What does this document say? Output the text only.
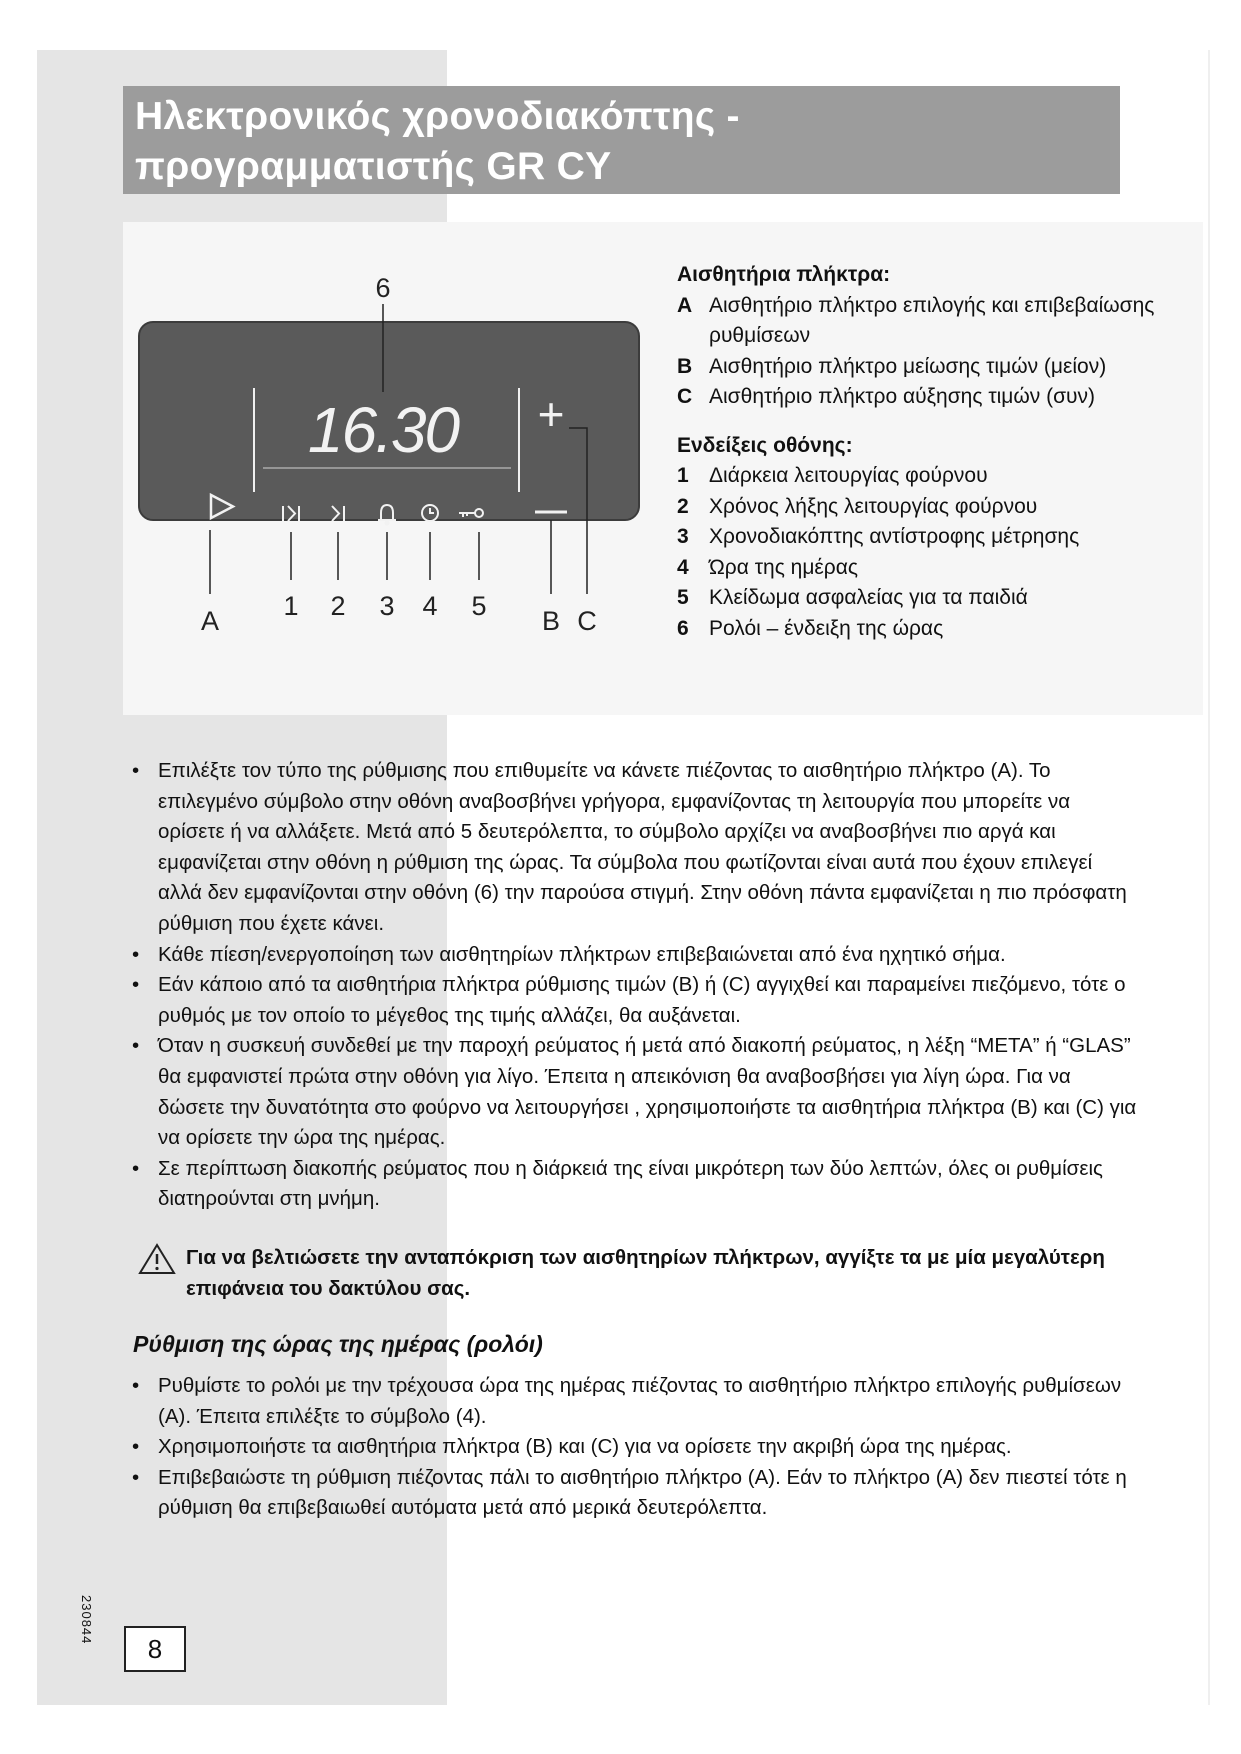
Ηλεκτρονικός χρονοδιακόπτης -
προγραμματιστής GR CY
16.30 +
6
A 1 2 3 4 5 B C
Αισθητήρια πλήκτρα:
A Αισθητήριο πλήκτρο επιλογής και επιβεβαίωσης ρυθμίσεων
B Αισθητήριο πλήκτρο μείωσης τιμών (μείον)
C Αισθητήριο πλήκτρο αύξησης τιμών (συν)
Ενδείξεις οθόνης:
1 Διάρκεια λειτουργίας φούρνου
2 Χρόνος λήξης λειτουργίας φούρνου
3 Χρονοδιακόπτης αντίστροφης μέτρησης
4 Ώρα της ημέρας
5 Κλείδωμα ασφαλείας για τα παιδιά
6 Ρολόι – ένδειξη της ώρας
• Επιλέξτε τον τύπο της ρύθμισης που επιθυμείτε να κάνετε πιέζοντας το αισθητήριο πλήκτρο (A). Το επιλεγμένο σύμβολο στην οθόνη αναβοσβήνει γρήγορα, εμφανίζοντας τη λειτουργία που μπορείτε να ορίσετε ή να αλλάξετε. Μετά από 5 δευτερόλεπτα, το σύμβολο αρχίζει να αναβοσβήνει πιο αργά και εμφανίζεται στην οθόνη η ρύθμιση της ώρας. Τα σύμβολα που φωτίζονται είναι αυτά που έχουν επιλεγεί αλλά δεν εμφανίζονται στην οθόνη (6) την παρούσα στιγμή. Στην οθόνη πάντα εμφανίζεται η πιο πρόσφατη ρύθμιση που έχετε κάνει.
• Κάθε πίεση/ενεργοποίηση των αισθητηρίων πλήκτρων επιβεβαιώνεται από ένα ηχητικό σήμα.
• Εάν κάποιο από τα αισθητήρια πλήκτρα ρύθμισης τιμών (B) ή (C) αγγιχθεί και παραμείνει πιεζόμενο, τότε ο ρυθμός με τον οποίο το μέγεθος της τιμής αλλάζει, θα αυξάνεται.
• Όταν η συσκευή συνδεθεί με την παροχή ρεύματος ή μετά από διακοπή ρεύματος, η λέξη “META” ή “GLAS” θα εμφανιστεί πρώτα στην οθόνη για λίγο. Έπειτα η απεικόνιση θα αναβοσβήσει για λίγη ώρα. Για να δώσετε την δυνατότητα στο φούρνο να λειτουργήσει , χρησιμοποιήστε τα αισθητήρια πλήκτρα (B) και (C) για να ορίσετε την ώρα της ημέρας.
• Σε περίπτωση διακοπής ρεύματος που η διάρκειά της είναι μικρότερη των δύο λεπτών, όλες οι ρυθμίσεις διατηρούνται στη μνήμη.
Για να βελτιώσετε την ανταπόκριση των αισθητηρίων πλήκτρων, αγγίξτε τα με μία μεγαλύτερη επιφάνεια του δακτύλου σας.
Ρύθμιση της ώρας της ημέρας (ρολόι)
• Ρυθμίστε το ρολόι με την τρέχουσα ώρα της ημέρας πιέζοντας το αισθητήριο πλήκτρο επιλογής ρυθμίσεων (A). Έπειτα επιλέξτε το σύμβολο (4).
• Χρησιμοποιήστε τα αισθητήρια πλήκτρα (B) και (C) για να ορίσετε την ακριβή ώρα της ημέρας.
• Επιβεβαιώστε τη ρύθμιση πιέζοντας πάλι το αισθητήριο πλήκτρο (A). Εάν το πλήκτρο (A) δεν πιεστεί τότε η ρύθμιση θα επιβεβαιωθεί αυτόματα μετά από μερικά δευτερόλεπτα.
230844
8
